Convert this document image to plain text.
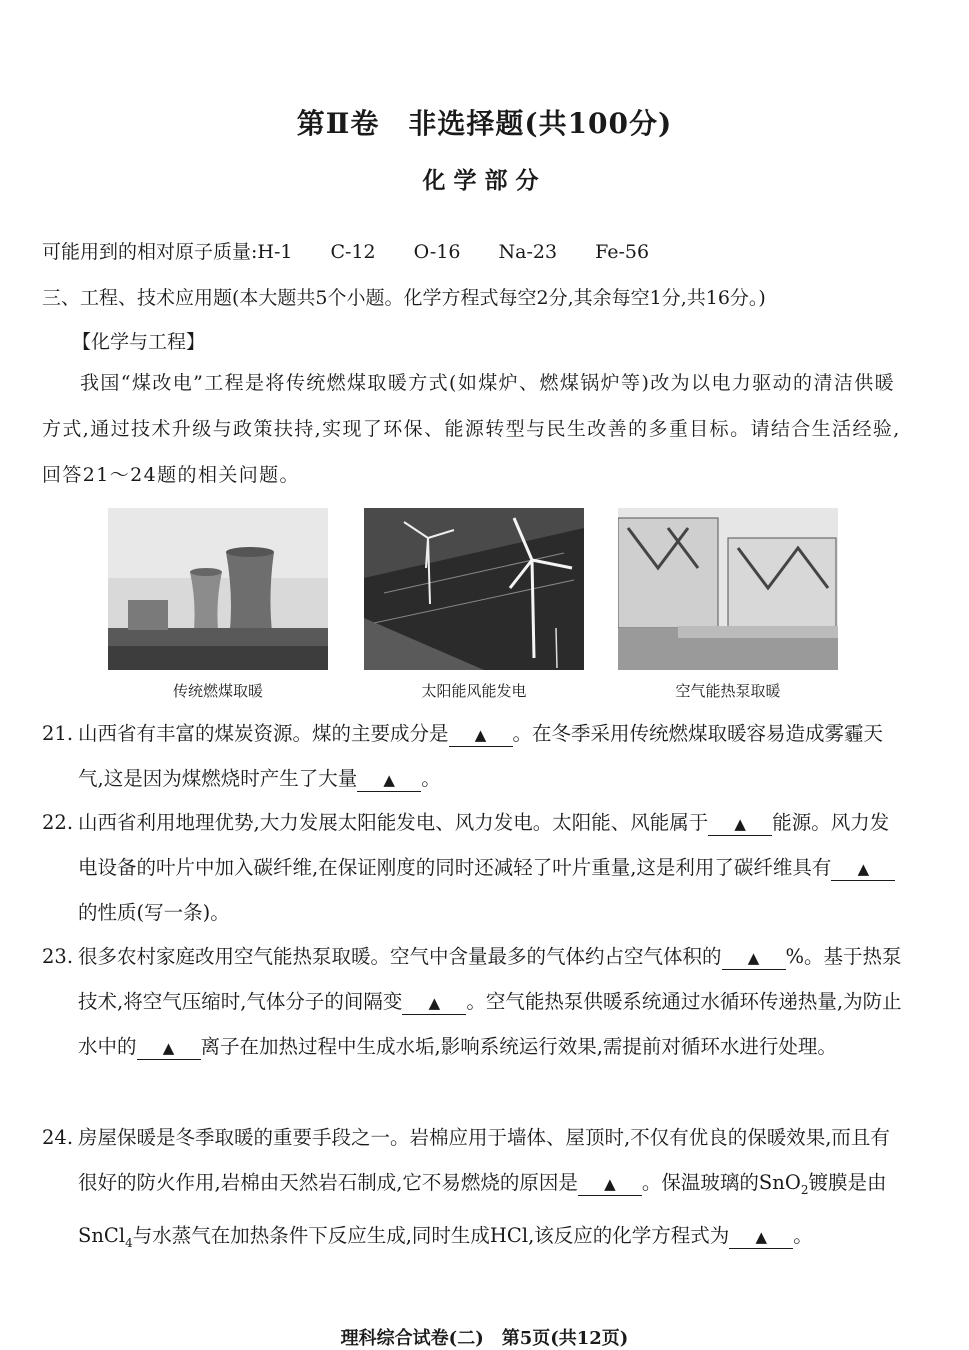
第Ⅱ卷　非选择题(共100分)
化学部分
可能用到的相对原子质量:H-1 C-12 O-16 Na-23 Fe-56
三、工程、技术应用题(本大题共5个小题。化学方程式每空2分,其余每空1分,共16分。)
【化学与工程】
我国“煤改电”工程是将传统燃煤取暖方式(如煤炉、燃煤锅炉等)改为以电力驱动的清洁供暖方式,通过技术升级与政策扶持,实现了环保、能源转型与民生改善的多重目标。请结合生活经验,回答21～24题的相关问题。
传统燃煤取暖	太阳能风能发电	空气能热泵取暖
21. 山西省有丰富的煤炭资源。煤的主要成分是 ▲ 。在冬季采用传统燃煤取暖容易造成雾霾天气,这是因为煤燃烧时产生了大量 ▲ 。
22. 山西省利用地理优势,大力发展太阳能发电、风力发电。太阳能、风能属于 ▲ 能源。风力发电设备的叶片中加入碳纤维,在保证刚度的同时还减轻了叶片重量,这是利用了碳纤维具有 ▲的性质(写一条)。
23. 很多农村家庭改用空气能热泵取暖。空气中含量最多的气体约占空气体积的 ▲ %。基于热泵技术,将空气压缩时,气体分子的间隔变 ▲ 。空气能热泵供暖系统通过水循环传递热量,为防止水中的 ▲ 离子在加热过程中生成水垢,影响系统运行效果,需提前对循环水进行处理。
24. 房屋保暖是冬季取暖的重要手段之一。岩棉应用于墙体、屋顶时,不仅有优良的保暖效果,而且有很好的防火作用,岩棉由天然岩石制成,它不易燃烧的原因是 ▲ 。保温玻璃的SnO$_2$镀膜是由SnCl$_4$与水蒸气在加热条件下反应生成,同时生成HCl,该反应的化学方程式为 ▲ 。
理科综合试卷(二)　第5页(共12页)
